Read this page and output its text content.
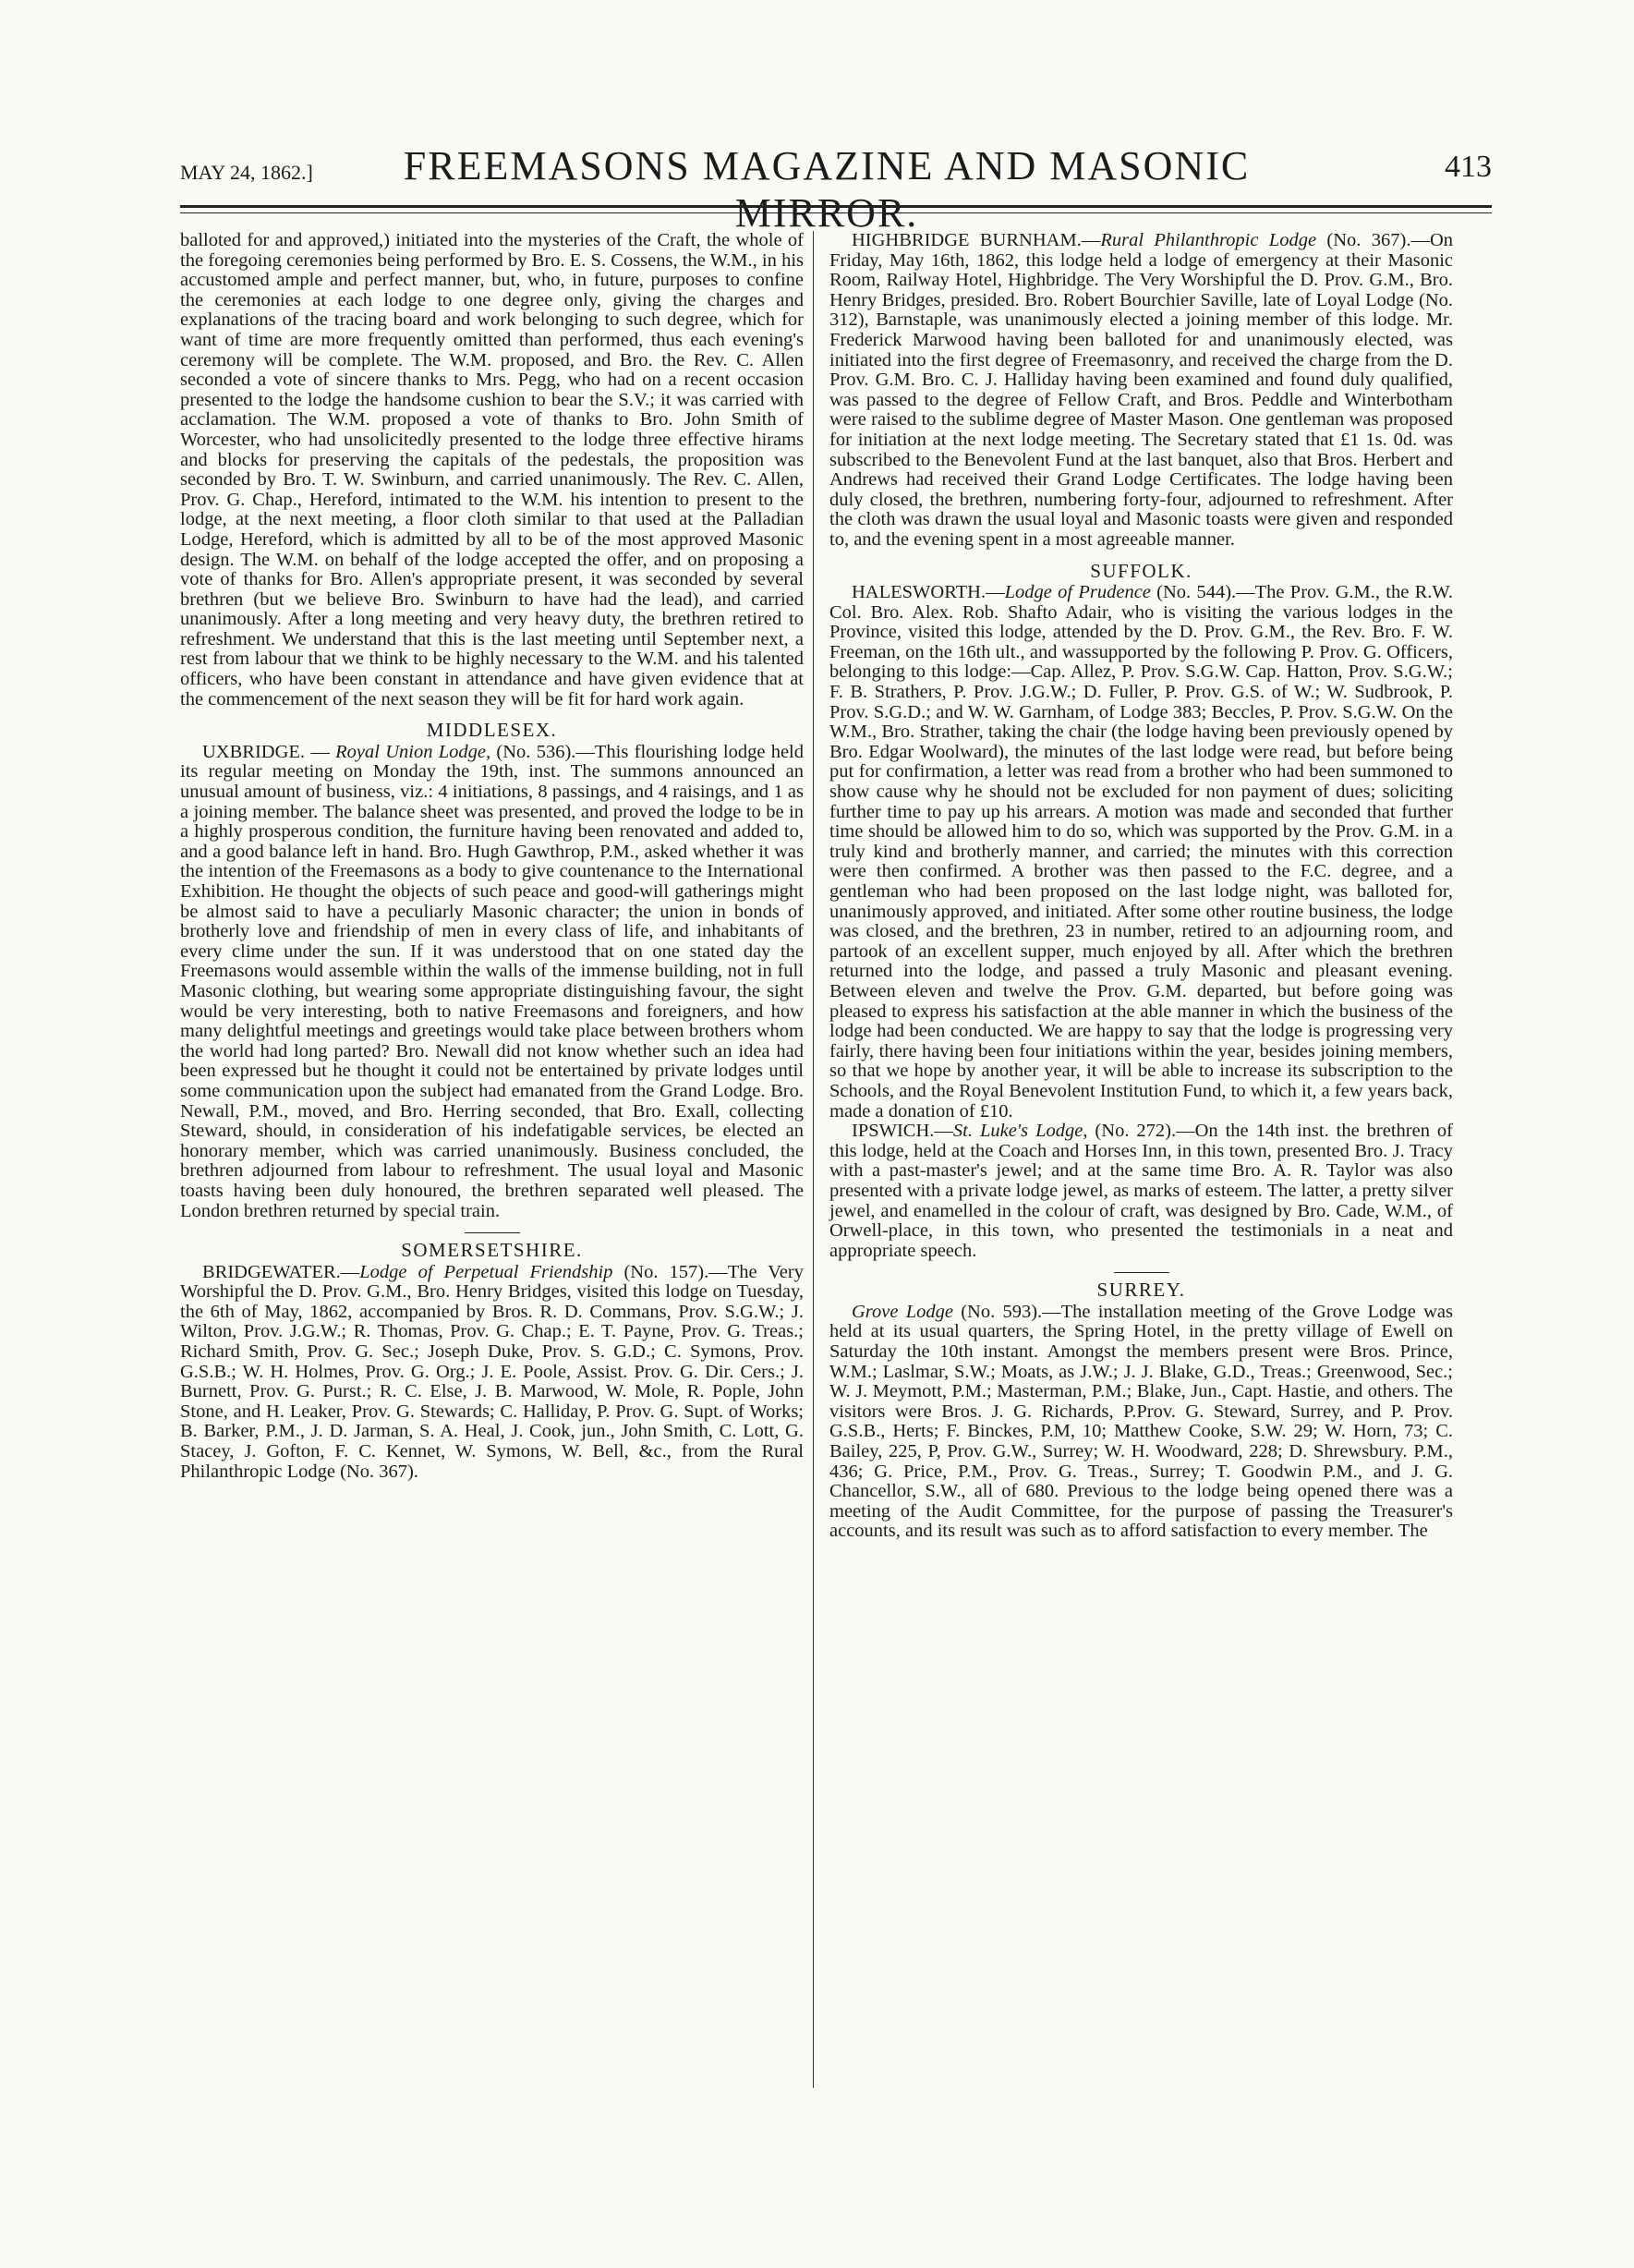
MAY 24, 1862.]	FREEMASONS MAGAZINE AND MASONIC	413

balloted for and approved,) initiated into the mysteries of the Craft, the whole of the foregoing ceremonies being performed by Bro. E. S. Cossens, the W.M., in his accustomed ample and perfect manner, but, who, in future, purposes to confine the ceremonies at each lodge to one degree only, giving the charges and explanations of the tracing board and work belonging to such degree, which for want of time are more frequently omitted than performed, thus each evening's ceremony will be complete. The W.M. proposed, and Bro. the Rev. C. Allen seconded a vote of sincere thanks to Mrs. Pegg, who had on a recent occasion presented to the lodge the handsome cushion to bear the S.V.; it was carried with acclamation. The W.M. proposed a vote of thanks to Bro. John Smith of Worcester, who had unsolicitedly presented to the lodge three effective hirams and blocks for preserving the capitals of the pedestals, the proposition was seconded by Bro. T. W. Swinburn, and carried unanimously. The Rev. C. Allen, Prov. G. Chap., Hereford, intimated to the W.M. his intention to present to the lodge, at the next meeting, a floor cloth similar to that used at the Palladian Lodge, Hereford, which is admitted by all to be of the most approved Masonic design. The W.M. on behalf of the lodge accepted the offer, and on proposing a vote of thanks for Bro. Allen's appropriate present, it was seconded by several brethren (but we believe Bro. Swinburn to have had the lead), and carried unanimously. After a long meeting and very heavy duty, the brethren retired to refreshment. We understand that this is the last meeting until September next, a rest from labour that we think to be highly necessary to the W.M. and his talented officers, who have been constant in attendance and have given evidence that at the commencement of the next season they will be fit for hard work again.

MIDDLESEX.

UXBRIDGE. — Royal Union Lodge, (No. 536).—This flourishing lodge held its regular meeting on Monday the 19th, inst. The summons announced an unusual amount of business, viz.: 4 initiations, 8 passings, and 4 raisings, and 1 as a joining member. The balance sheet was presented, and proved the lodge to be in a highly prosperous condition, the furniture having been renovated and added to, and a good balance left in hand. Bro. Hugh Gawthrop, P.M., asked whether it was the intention of the Freemasons as a body to give countenance to the International Exhibition. He thought the objects of such peace and good-will gatherings might be almost said to have a peculiarly Masonic character; the union in bonds of brotherly love and friendship of men in every class of life, and inhabitants of every clime under the sun. If it was understood that on one stated day the Freemasons would assemble within the walls of the immense building, not in full Masonic clothing, but wearing some appropriate distinguishing favour, the sight would be very interesting, both to native Freemasons and foreigners, and how many delightful meetings and greetings would take place between brothers whom the world had long parted? Bro. Newall did not know whether such an idea had been expressed but he thought it could not be entertained by private lodges until some communication upon the subject had emanated from the Grand Lodge. Bro. Newall, P.M., moved, and Bro. Herring seconded, that Bro. Exall, collecting Steward, should, in consideration of his indefatigable services, be elected an honorary member, which was carried unanimously. Business concluded, the brethren adjourned from labour to refreshment. The usual loyal and Masonic toasts having been duly honoured, the brethren separated well pleased. The London brethren returned by special train.

SOMERSETSHIRE.

BRIDGEWATER.—Lodge of Perpetual Friendship (No. 157).—The Very Worshipful the D. Prov. G.M., Bro. Henry Bridges, visited this lodge on Tuesday, the 6th of May, 1862, accompanied by Bros. R. D. Commans, Prov. S.G.W.; J. Wilton, Prov. J.G.W.; R. Thomas, Prov. G. Chap.; E. T. Payne, Prov. G. Treas.; Richard Smith, Prov. G. Sec.; Joseph Duke, Prov. S. G.D.; C. Symons, Prov. G.S.B.; W. H. Holmes, Prov. G. Org.; J. E. Poole, Assist. Prov. G. Dir. Cers.; J. Burnett, Prov. G. Purst.; R. C. Else, J. B. Marwood, W. Mole, R. Pople, John Stone, and H. Leaker, Prov. G. Stewards; C. Halliday, P. Prov. G. Supt. of Works; B. Barker, P.M., J. D. Jarman, S. A. Heal, J. Cook, jun., John Smith, C. Lott, G. Stacey, J. Gofton, F. C. Kennet, W. Symons, W. Bell, &c., from the Rural Philanthropic Lodge (No. 367).

HIGHBRIDGE BURNHAM.—Rural Philanthropic Lodge (No. 367).—On Friday, May 16th, 1862, this lodge held a lodge of emergency at their Masonic Room, Railway Hotel, Highbridge. The Very Worshipful the D. Prov. G.M., Bro. Henry Bridges, presided. Bro. Robert Bourchier Saville, late of Loyal Lodge (No. 312), Barnstaple, was unanimously elected a joining member of this lodge. Mr. Frederick Marwood having been balloted for and unanimously elected, was initiated into the first degree of Freemasonry, and received the charge from the D. Prov. G.M. Bro. C. J. Halliday having been examined and found duly qualified, was passed to the degree of Fellow Craft, and Bros. Peddle and Winterbotham were raised to the sublime degree of Master Mason. One gentleman was proposed for initiation at the next lodge meeting. The Secretary stated that £1 1s. 0d. was subscribed to the Benevolent Fund at the last banquet, also that Bros. Herbert and Andrews had received their Grand Lodge Certificates. The lodge having been duly closed, the brethren, numbering forty-four, adjourned to refreshment. After the cloth was drawn the usual loyal and Masonic toasts were given and responded to, and the evening spent in a most agreeable manner.

SUFFOLK.

HALESWORTH.—Lodge of Prudence (No. 544).—The Prov. G.M., the R.W. Col. Bro. Alex. Rob. Shafto Adair, who is visiting the various lodges in the Province, visited this lodge, attended by the D. Prov. G.M., the Rev. Bro. F. W. Freeman, on the 16th ult., and wassupported by the following P. Prov. G. Officers, belonging to this lodge:—Cap. Allez, P. Prov. S.G.W. Cap. Hatton, Prov. S.G.W.; F. B. Strathers, P. Prov. J.G.W.; D. Fuller, P. Prov. G.S. of W.; W. Sudbrook, P. Prov. S.G.D.; and W. W. Garnham, of Lodge 383; Beccles, P. Prov. S.G.W. On the W.M., Bro. Strather, taking the chair (the lodge having been previously opened by Bro. Edgar Woolward), the minutes of the last lodge were read, but before being put for confirmation, a letter was read from a brother who had been summoned to show cause why he should not be excluded for non payment of dues; soliciting further time to pay up his arrears. A motion was made and seconded that further time should be allowed him to do so, which was supported by the Prov. G.M. in a truly kind and brotherly manner, and carried; the minutes with this correction were then confirmed. A brother was then passed to the F.C. degree, and a gentleman who had been proposed on the last lodge night, was balloted for, unanimously approved, and initiated. After some other routine business, the lodge was closed, and the brethren, 23 in number, retired to an adjourning room, and partook of an excellent supper, much enjoyed by all. After which the brethren returned into the lodge, and passed a truly Masonic and pleasant evening. Between eleven and twelve the Prov. G.M. departed, but before going was pleased to express his satisfaction at the able manner in which the business of the lodge had been conducted. We are happy to say that the lodge is progressing very fairly, there having been four initiations within the year, besides joining members, so that we hope by another year, it will be able to increase its subscription to the Schools, and the Royal Benevolent Institution Fund, to which it, a few years back, made a donation of £10.

IPSWICH.—St. Luke's Lodge, (No. 272).—On the 14th inst. the brethren of this lodge, held at the Coach and Horses Inn, in this town, presented Bro. J. Tracy with a past-master's jewel; and at the same time Bro. A. R. Taylor was also presented with a private lodge jewel, as marks of esteem. The latter, a pretty silver jewel, and enamelled in the colour of craft, was designed by Bro. Cade, W.M., of Orwell-place, in this town, who presented the testimonials in a neat and appropriate speech.

SURREY.

Grove Lodge (No. 593).—The installation meeting of the Grove Lodge was held at its usual quarters, the Spring Hotel, in the pretty village of Ewell on Saturday the 10th instant. Amongst the members present were Bros. Prince, W.M.; Laslmar, S.W.; Moats, as J.W.; J. J. Blake, G.D., Treas.; Greenwood, Sec.; W. J. Meymott, P.M.; Masterman, P.M.; Blake, Jun., Capt. Hastie, and others. The visitors were Bros. J. G. Richards, P.Prov. G. Steward, Surrey, and P. Prov. G.S.B., Herts; F. Binckes, P.M, 10; Matthew Cooke, S.W. 29; W. Horn, 73; C. Bailey, 225, P, Prov. G.W., Surrey; W. H. Woodward, 228; D. Shrewsbury. P.M., 436; G. Price, P.M., Prov. G. Treas., Surrey; T. Goodwin P.M., and J. G. Chancellor, S.W., all of 680. Previous to the lodge being opened there was a meeting of the Audit Committee, for the purpose of passing the Treasurer's accounts, and its result was such as to afford satisfaction to every member. The
